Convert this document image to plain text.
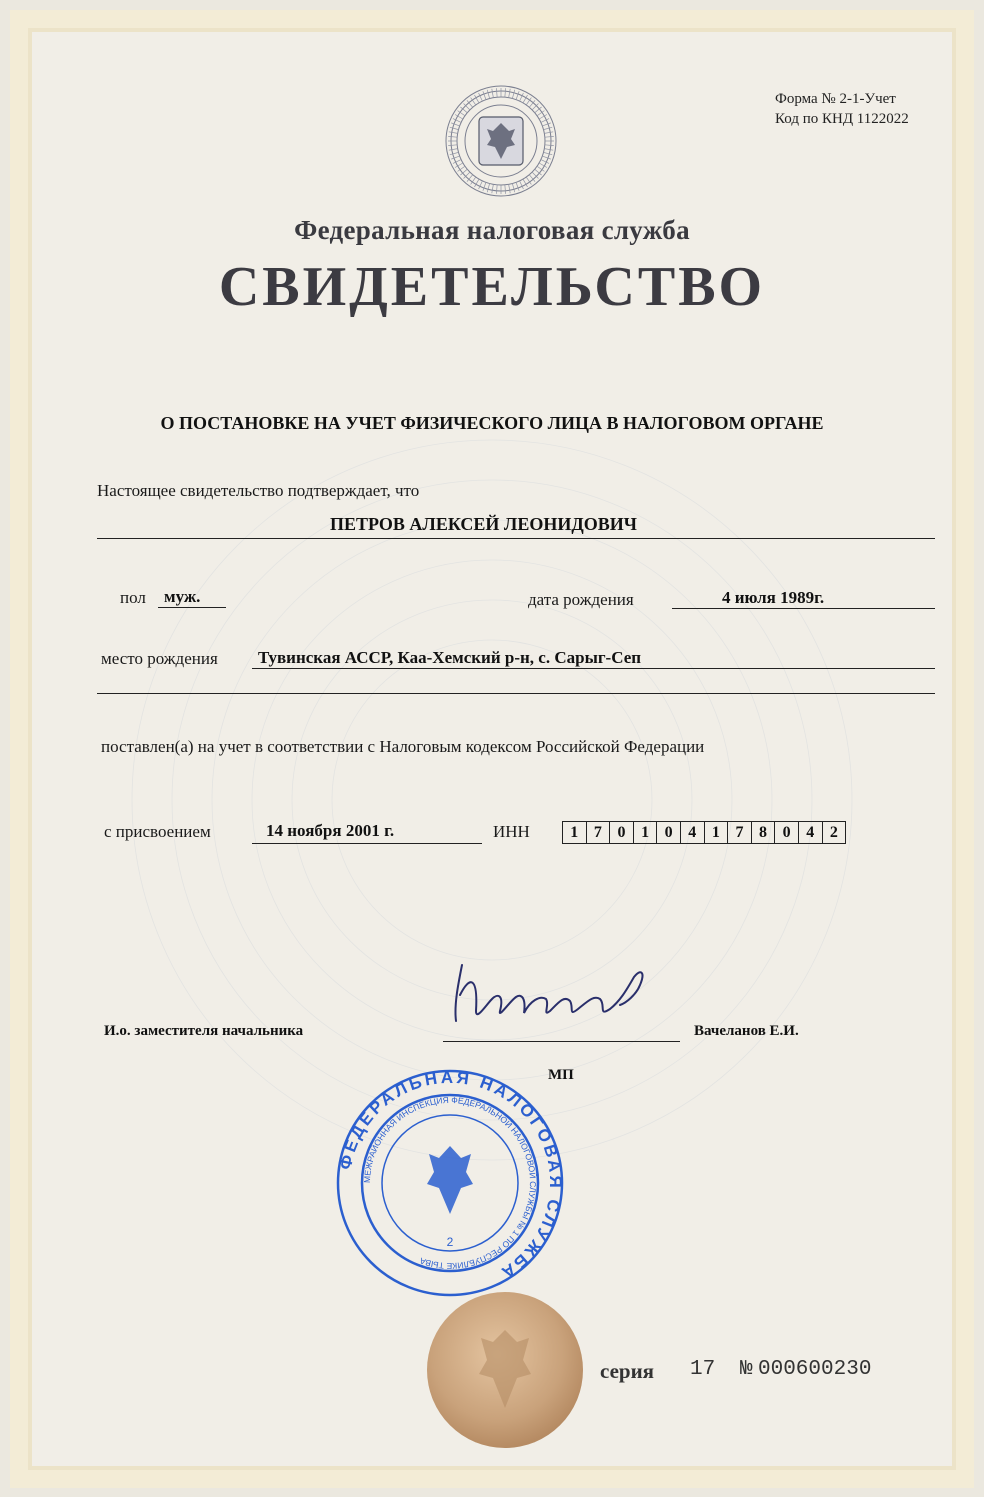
Форма № 2-1-Учет
Код по КНД 1122022
Федеральная налоговая служба
СВИДЕТЕЛЬСТВО
О ПОСТАНОВКЕ НА УЧЕТ ФИЗИЧЕСКОГО ЛИЦА В НАЛОГОВОМ ОРГАНЕ
Настоящее свидетельство подтверждает, что
ПЕТРОВ АЛЕКСЕЙ ЛЕОНИДОВИЧ
пол муж.	дата рождения	4 июля 1989г.
место рождения Тувинская АССР, Каа-Хемский р-н, с. Сарыг-Сеп
поставлен(а) на учет в соответствии с Налоговым кодексом Российской Федерации
с присвоением	14 ноября 2001 г.	ИНН	1 7 0 1 0 4 1 7 8 0 4 2
И.о. заместителя начальника	Вачеланов Е.И.
МП
ФЕДЕРАЛЬНАЯ НАЛОГОВАЯ СЛУЖБА
МЕЖРАЙОННАЯ ИНСПЕКЦИЯ ФЕДЕРАЛЬНОЙ НАЛОГОВОЙ СЛУЖБЫ № 1 ПО РЕСПУБЛИКЕ ТЫВА
2
серия 17 № 000600230
